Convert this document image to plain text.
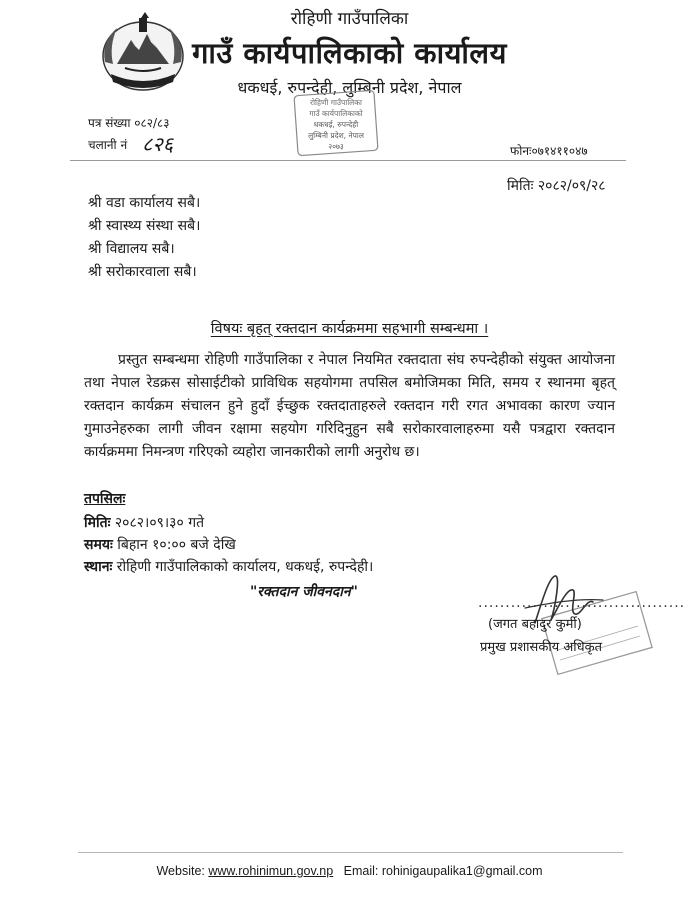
रोहिणी गाउँपालिका
गाउँ कार्यपालिकाको कार्यालय
धकधई, रुपन्देही, लुम्बिनी प्रदेश, नेपाल
रोहिणी गाउँपालिका
गाउँ कार्यपालिकाको
धकधई, रुपन्देही
लुम्बिनी प्रदेश, नेपाल
२०७३
पत्र संख्या ०८२/८३
चलानी नं ८२६	फोनः०७१४११०४७
मितिः २०८२/०९/२८
श्री वडा कार्यालय सबै।
श्री स्वास्थ्य संस्था सबै।
श्री विद्यालय सबै।
श्री सरोकारवाला सबै।
विषयः बृहत् रक्तदान कार्यक्रममा सहभागी सम्बन्धमा ।

प्रस्तुत सम्बन्धमा रोहिणी गाउँपालिका र नेपाल नियमित रक्तदाता संघ रुपन्देहीको संयुक्त आयोजना तथा नेपाल रेडक्रस सोसाईटीको प्राविधिक सहयोगमा तपसिल बमोजिमका मिति, समय र स्थानमा बृहत् रक्तदान कार्यक्रम संचालन हुने हुदाँ ईच्छुक रक्तदाताहरुले रक्तदान गरी रगत अभावका कारण ज्यान गुमाउनेहरुका लागी जीवन रक्षामा सहयोग गरिदिनुहुन सबै सरोकारवालाहरुमा यसै पत्रद्वारा रक्तदान कार्यक्रममा निमन्त्रण गरिएको व्यहोरा जानकारीको लागी अनुरोध छ।

तपसिलः
मितिः २०८२।०९।३० गते
समयः बिहान १०:०० बजे देखि
स्थानः रोहिणी गाउँपालिकाको कार्यालय, धकधई, रुपन्देही।
"रक्तदान जीवनदान"
......................................
(जगत बहादुर कुर्मी)
प्रमुख प्रशासकीय अधिकृत
Website: www.rohinimun.gov.np Email: rohinigaupalika1@gmail.com
